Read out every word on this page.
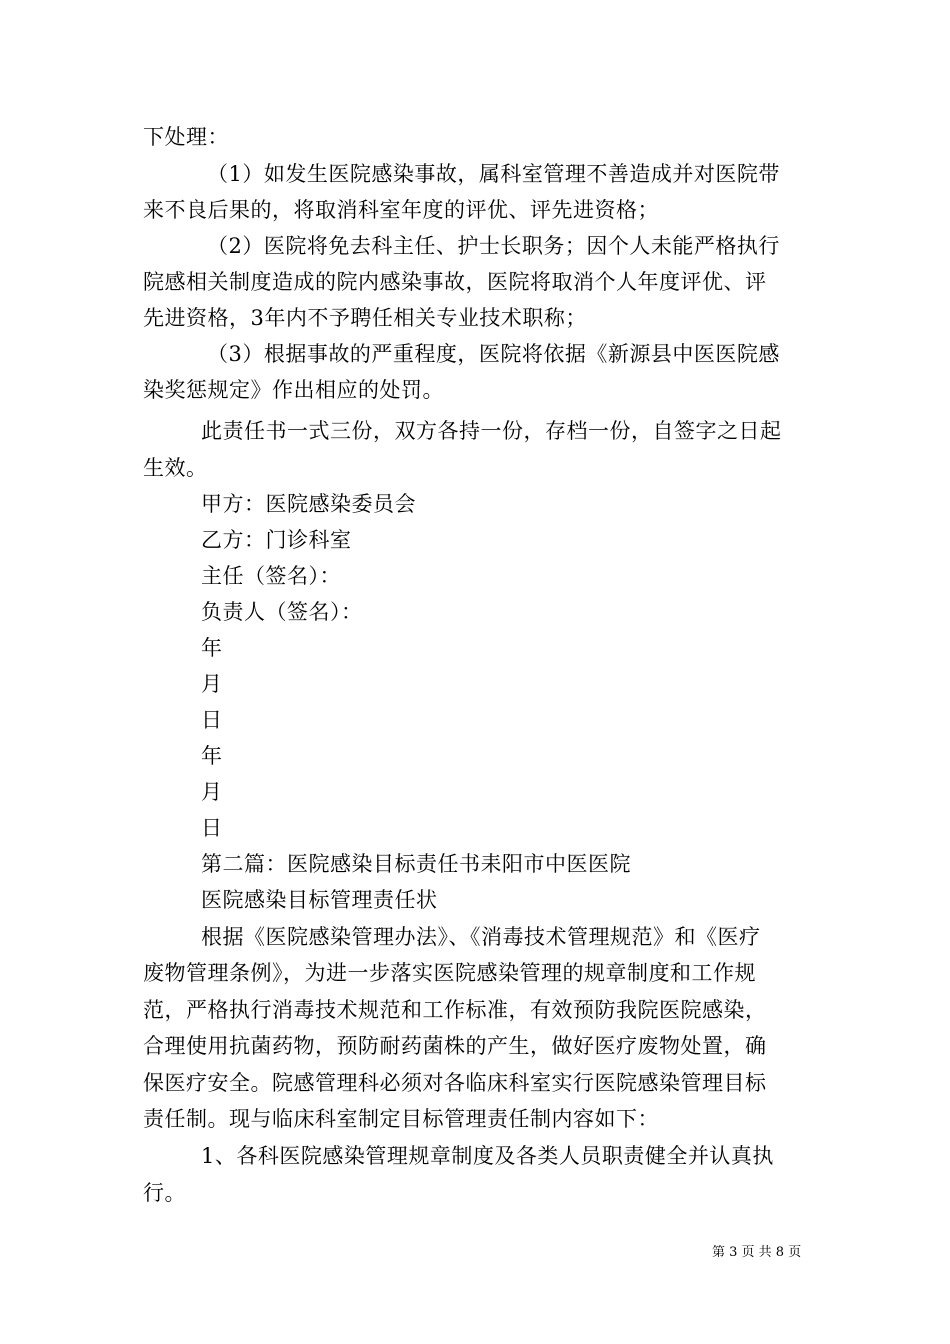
下处理：

（1）如发生医院感染事故，属科室管理不善造成并对医院带

来不良后果的，将取消科室年度的评优、评先进资格；

（2）医院将免去科主任、护士长职务；因个人未能严格执行

院感相关制度造成的院内感染事故，医院将取消个人年度评优、评

先进资格，3年内不予聘任相关专业技术职称；

（3）根据事故的严重程度，医院将依据《新源县中医医院感

染奖惩规定》作出相应的处罚。

此责任书一式三份，双方各持一份，存档一份，自签字之日起

生效。

甲方：医院感染委员会

乙方：门诊科室

主任（签名）：

负责人（签名）：

年

月

日

年

月

日

第二篇：医院感染目标责任书耒阳市中医医院

医院感染目标管理责任状

根据《医院感染管理办法》、《消毒技术管理规范》和《医疗

废物管理条例》，为进一步落实医院感染管理的规章制度和工作规

范，严格执行消毒技术规范和工作标准，有效预防我院医院感染，

合理使用抗菌药物，预防耐药菌株的产生，做好医疗废物处置，确

保医疗安全。院感管理科必须对各临床科室实行医院感染管理目标

责任制。现与临床科室制定目标管理责任制内容如下：

1、各科医院感染管理规章制度及各类人员职责健全并认真执

行。

第 3 页 共 8 页
